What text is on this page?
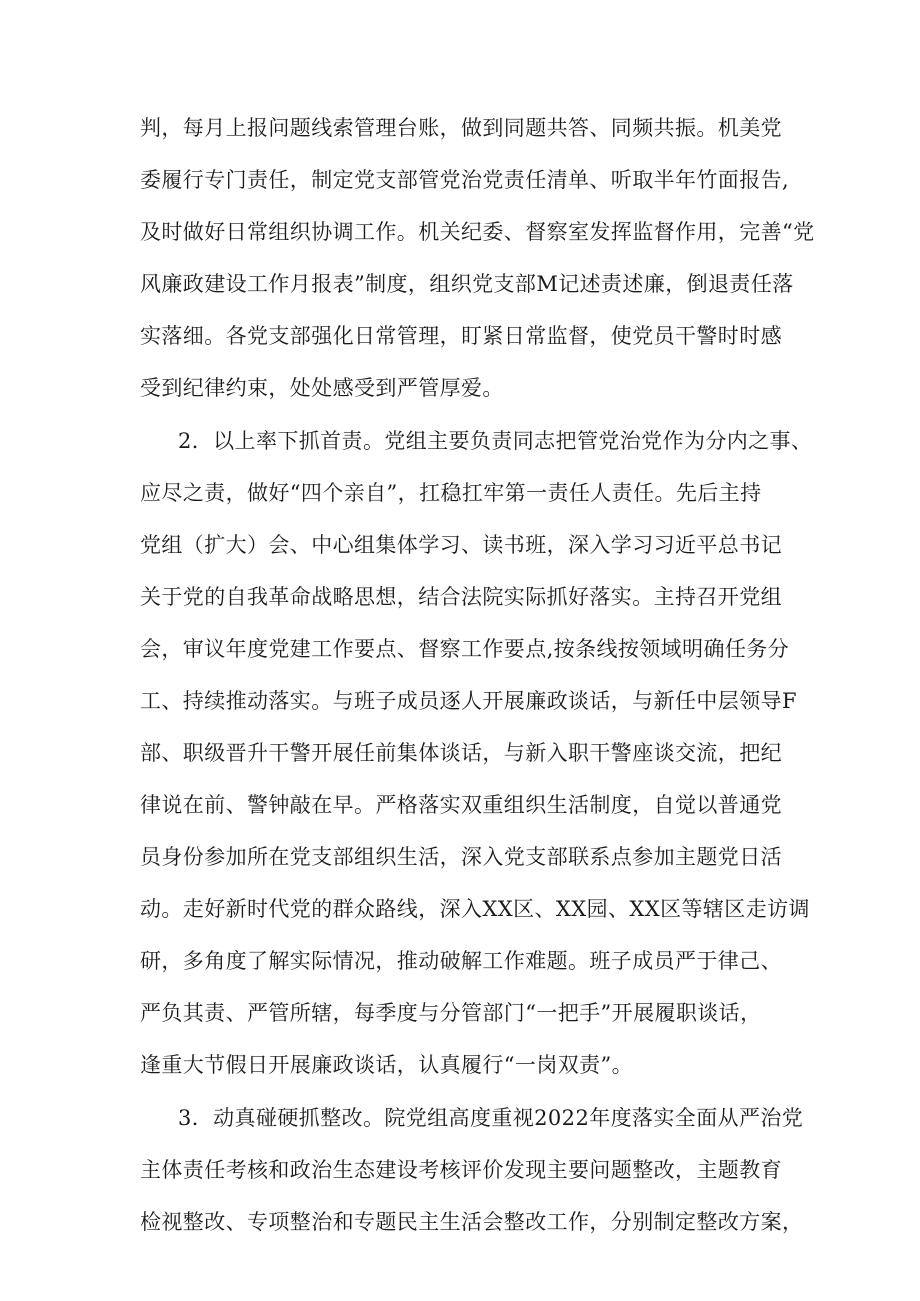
判，每月上报问题线索管理台账，做到同题共答、同频共振。机美党
委履行专门责任，制定党支部管党治党责任清单、听取半年竹面报告,
及时做好日常组织协调工作。机关纪委、督察室发挥监督作用，完善“党
风廉政建设工作月报表”制度，组织党支部M记述责述廉，倒退责任落
实落细。各党支部强化日常管理，盯紧日常监督，使党员干警时时感
受到纪律约束，处处感受到严管厚爱。
2．以上率下抓首责。党组主要负责同志把管党治党作为分内之事、
应尽之责，做好“四个亲自”，扛稳扛牢第一责任人责任。先后主持
党组（扩大）会、中心组集体学习、读书班，深入学习习近平总书记
关于党的自我革命战略思想，结合法院实际抓好落实。主持召开党组
会，审议年度党建工作要点、督察工作要点,按条线按领域明确任务分
工、持续推动落实。与班子成员逐人开展廉政谈话，与新任中层领导F
部、职级晋升干警开展任前集体谈话，与新入职干警座谈交流，把纪
律说在前、警钟敲在早。严格落实双重组织生活制度，自觉以普通党
员身份参加所在党支部组织生活，深入党支部联系点参加主题党日活
动。走好新时代党的群众路线，深入XX区、XX园、XX区等辖区走访调
研，多角度了解实际情况，推动破解工作难题。班子成员严于律己、
严负其责、严管所辖，每季度与分管部门“一把手”开展履职谈话，
逢重大节假日开展廉政谈话，认真履行“一岗双责”。
3．动真碰硬抓整改。院党组高度重视2022年度落实全面从严治党
主体责任考核和政治生态建设考核评价发现主要问题整改，主题教育
检视整改、专项整治和专题民主生活会整改工作，分别制定整改方案，
